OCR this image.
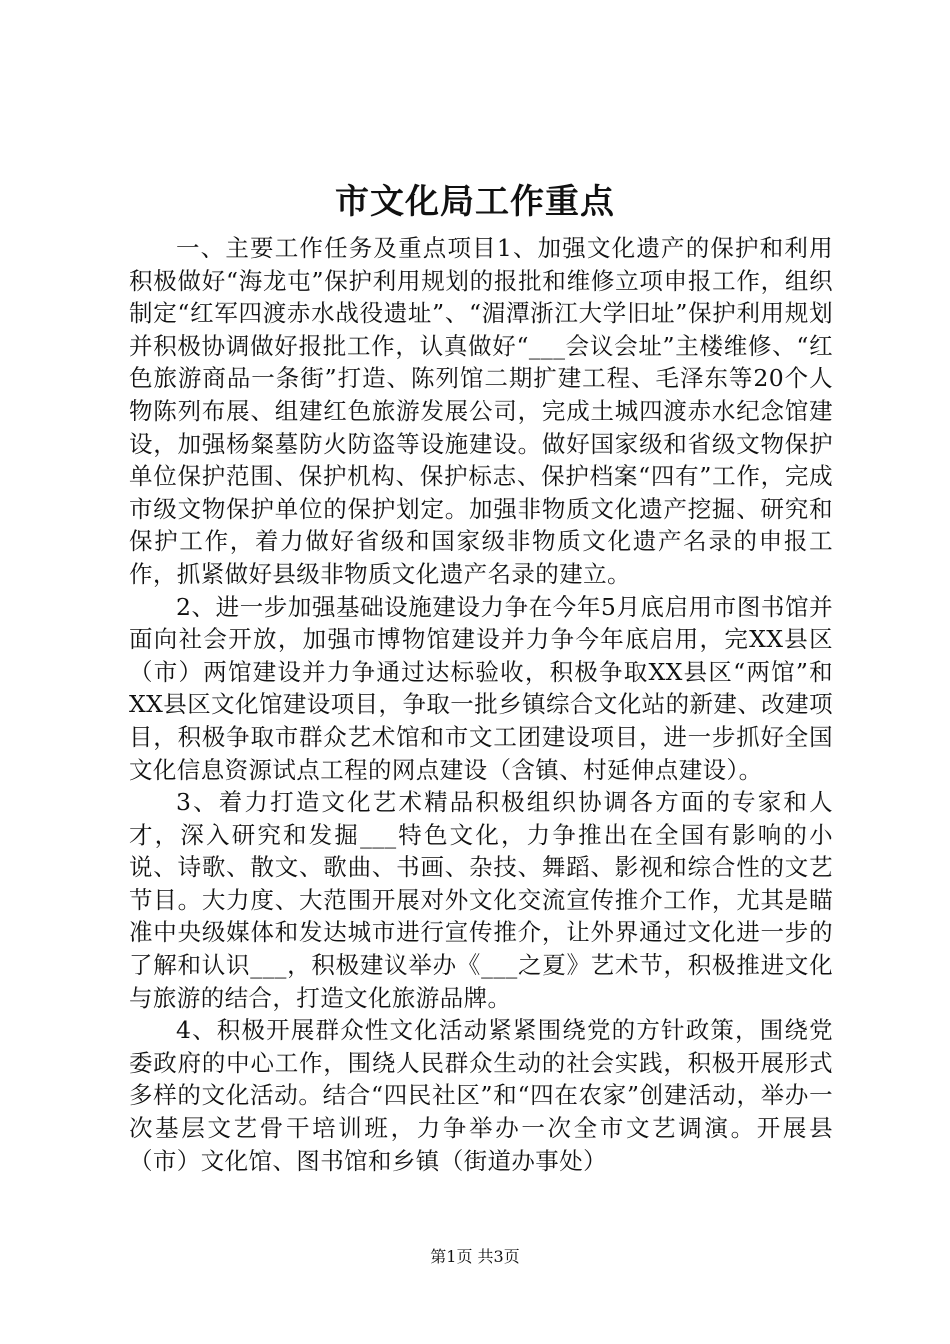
市文化局工作重点

一、主要工作任务及重点项目1、加强文化遗产的保护和利用积极做好“海龙屯”保护利用规划的报批和维修立项申报工作，组织制定“红军四渡赤水战役遗址”、“湄潭浙江大学旧址”保护利用规划并积极协调做好报批工作，认真做好“___会议会址”主楼维修、“红色旅游商品一条街”打造、陈列馆二期扩建工程、毛泽东等20个人物陈列布展、组建红色旅游发展公司，完成土城四渡赤水纪念馆建设，加强杨粲墓防火防盗等设施建设。做好国家级和省级文物保护单位保护范围、保护机构、保护标志、保护档案“四有”工作，完成市级文物保护单位的保护划定。加强非物质文化遗产挖掘、研究和保护工作，着力做好省级和国家级非物质文化遗产名录的申报工作，抓紧做好县级非物质文化遗产名录的建立。

2、进一步加强基础设施建设力争在今年5月底启用市图书馆并面向社会开放，加强市博物馆建设并力争今年底启用，完XX县区（市）两馆建设并力争通过达标验收，积极争取XX县区“两馆”和XX县区文化馆建设项目，争取一批乡镇综合文化站的新建、改建项目，积极争取市群众艺术馆和市文工团建设项目，进一步抓好全国文化信息资源试点工程的网点建设（含镇、村延伸点建设）。

3、着力打造文化艺术精品积极组织协调各方面的专家和人才，深入研究和发掘___特色文化，力争推出在全国有影响的小说、诗歌、散文、歌曲、书画、杂技、舞蹈、影视和综合性的文艺节目。大力度、大范围开展对外文化交流宣传推介工作，尤其是瞄准中央级媒体和发达城市进行宣传推介，让外界通过文化进一步的了解和认识___，积极建议举办《___之夏》艺术节，积极推进文化与旅游的结合，打造文化旅游品牌。

4、积极开展群众性文化活动紧紧围绕党的方针政策，围绕党委政府的中心工作，围绕人民群众生动的社会实践，积极开展形式多样的文化活动。结合“四民社区”和“四在农家”创建活动，举办一次基层文艺骨干培训班，力争举办一次全市文艺调演。开展县（市）文化馆、图书馆和乡镇（街道办事处）

第1页 共3页
